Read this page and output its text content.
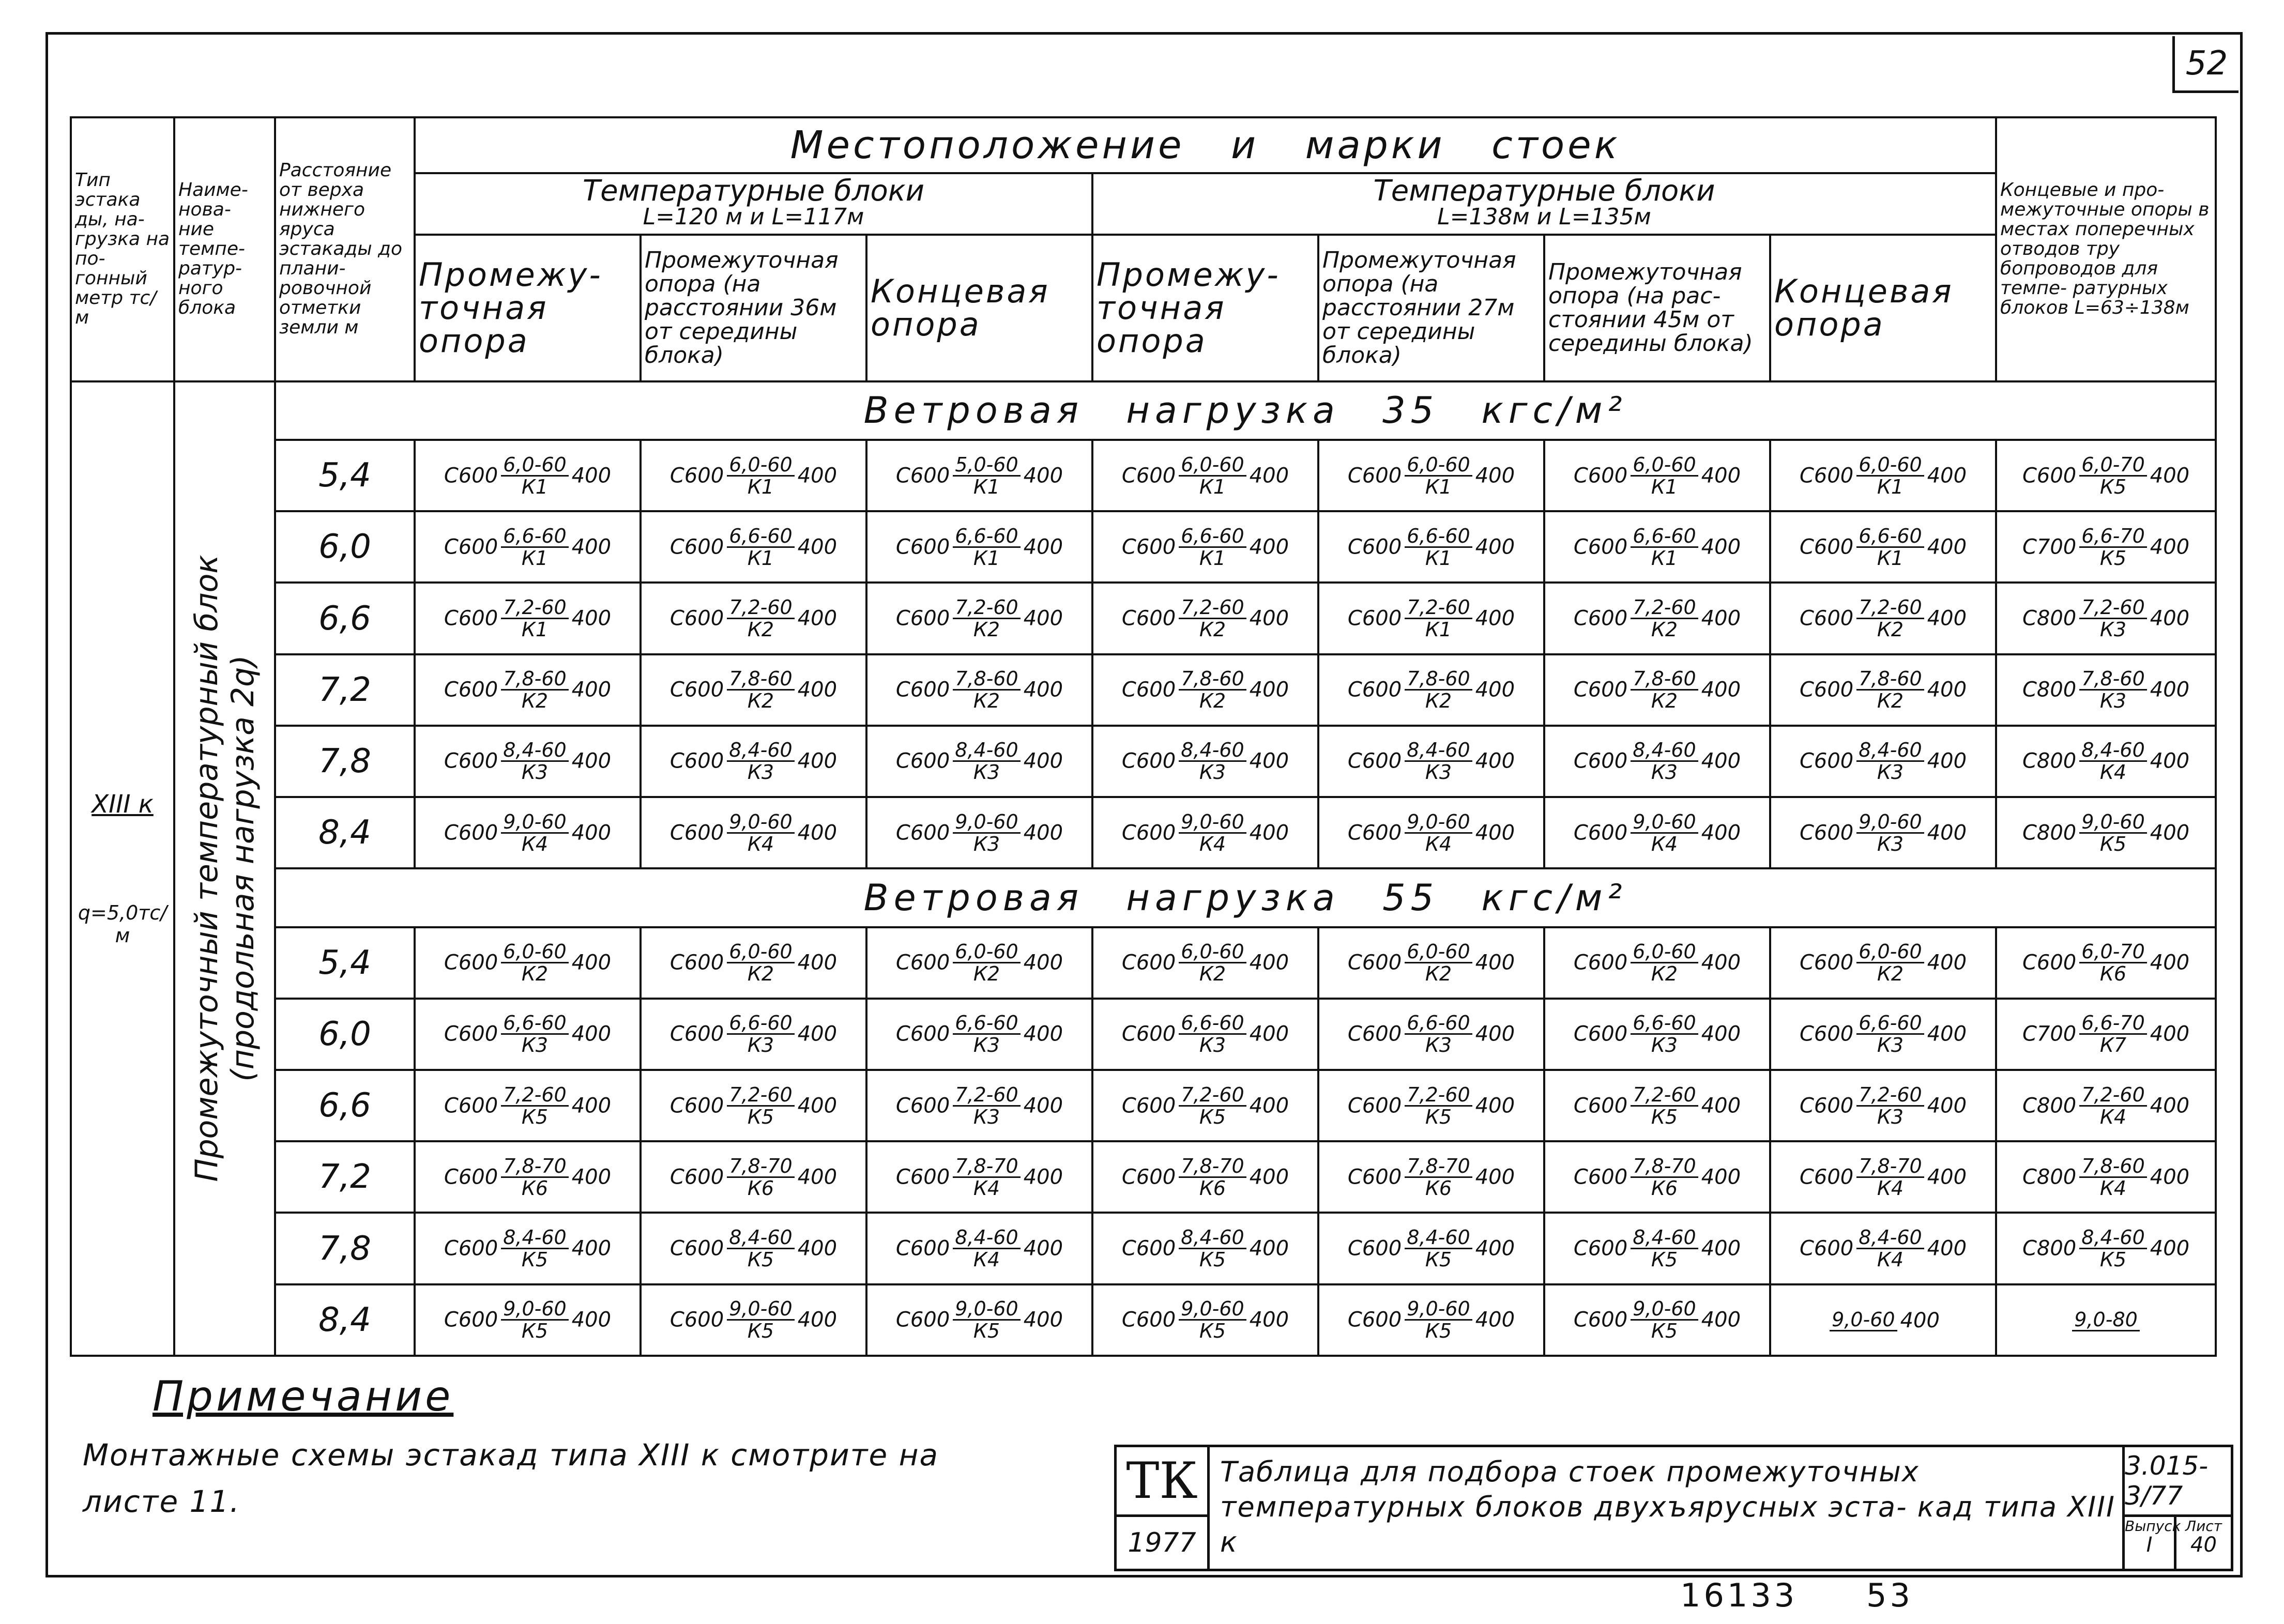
52
Тип эстака ды, на- грузка на по- гонный метр тс/м	Наиме- нова- ние темпе- ратур- ного блока	Расстояние от верха нижнего яруса эстакады до плани- ровочной отметки земли м	Местоположение и марки стоек							Концевые и про- межуточные опоры в местах поперечных отводов тру бопроводов для темпе- ратурных блоков L=63÷138м
			Температурные блоки
L=120 м и L=117м			Температурные блоки
L=138м и L=135м				

			Промежу- точная опора	Промежуточная опора (на расстоянии 36м от середины блока)	Концевая опора	Промежу- точная опора	Промежуточная опора (на расстоянии 27м от середины блока)	Промежуточная опора (на рас- стоянии 45м от середины блока)	Концевая опора	
XIII к
q=5,0тс/м	Промежуточный температурный блок (продольная нагрузка 2q)	Ветровая нагрузка 35 кгс/м²								
		5,4	$С600 \frac{6,0-60}{К1} 400$	$С600 \frac{6,0-60}{К1} 400$	$С600 \frac{5,0-60}{К1} 400$	$С600 \frac{6,0-60}{К1} 400$	$С600 \frac{6,0-60}{К1} 400$	$С600 \frac{6,0-60}{К1} 400$	$С600 \frac{6,0-60}{К1} 400$	$С600 \frac{6,0-70}{К5} 400$
		6,0	$С600 \frac{6,6-60}{К1} 400$	$С600 \frac{6,6-60}{К1} 400$	$С600 \frac{6,6-60}{К1} 400$	$С600 \frac{6,6-60}{К1} 400$	$С600 \frac{6,6-60}{К1} 400$	$С600 \frac{6,6-60}{К1} 400$	$С600 \frac{6,6-60}{К1} 400$	$С700 \frac{6,6-70}{К5} 400$
		6,6	$С600 \frac{7,2-60}{К1} 400$	$С600 \frac{7,2-60}{К2} 400$	$С600 \frac{7,2-60}{К2} 400$	$С600 \frac{7,2-60}{К2} 400$	$С600 \frac{7,2-60}{К1} 400$	$С600 \frac{7,2-60}{К2} 400$	$С600 \frac{7,2-60}{К2} 400$	$С800 \frac{7,2-60}{К3} 400$
		7,2	$С600 \frac{7,8-60}{К2} 400$	$С600 \frac{7,8-60}{К2} 400$	$С600 \frac{7,8-60}{К2} 400$	$С600 \frac{7,8-60}{К2} 400$	$С600 \frac{7,8-60}{К2} 400$	$С600 \frac{7,8-60}{К2} 400$	$С600 \frac{7,8-60}{К2} 400$	$С800 \frac{7,8-60}{К3} 400$
		7,8	$С600 \frac{8,4-60}{К3} 400$	$С600 \frac{8,4-60}{К3} 400$	$С600 \frac{8,4-60}{К3} 400$	$С600 \frac{8,4-60}{К3} 400$	$С600 \frac{8,4-60}{К3} 400$	$С600 \frac{8,4-60}{К3} 400$	$С600 \frac{8,4-60}{К3} 400$	$С800 \frac{8,4-60}{К4} 400$
		8,4	$С600 \frac{9,0-60}{К4} 400$	$С600 \frac{9,0-60}{К4} 400$	$С600 \frac{9,0-60}{К3} 400$	$С600 \frac{9,0-60}{К4} 400$	$С600 \frac{9,0-60}{К4} 400$	$С600 \frac{9,0-60}{К4} 400$	$С600 \frac{9,0-60}{К3} 400$	$С800 \frac{9,0-60}{К5} 400$
		Ветровая нагрузка 55 кгс/м²								
		5,4	$С600 \frac{6,0-60}{К2} 400$	$С600 \frac{6,0-60}{К2} 400$	$С600 \frac{6,0-60}{К2} 400$	$С600 \frac{6,0-60}{К2} 400$	$С600 \frac{6,0-60}{К2} 400$	$С600 \frac{6,0-60}{К2} 400$	$С600 \frac{6,0-60}{К2} 400$	$С600 \frac{6,0-70}{К6} 400$
		6,0	$С600 \frac{6,6-60}{К3} 400$	$С600 \frac{6,6-60}{К3} 400$	$С600 \frac{6,6-60}{К3} 400$	$С600 \frac{6,6-60}{К3} 400$	$С600 \frac{6,6-60}{К3} 400$	$С600 \frac{6,6-60}{К3} 400$	$С600 \frac{6,6-60}{К3} 400$	$С700 \frac{6,6-70}{К7} 400$
		6,6	$С600 \frac{7,2-60}{К5} 400$	$С600 \frac{7,2-60}{К5} 400$	$С600 \frac{7,2-60}{К3} 400$	$С600 \frac{7,2-60}{К5} 400$	$С600 \frac{7,2-60}{К5} 400$	$С600 \frac{7,2-60}{К5} 400$	$С600 \frac{7,2-60}{К3} 400$	$С800 \frac{7,2-60}{К4} 400$
		7,2	$С600 \frac{7,8-70}{К6} 400$	$С600 \frac{7,8-70}{К6} 400$	$С600 \frac{7,8-70}{К4} 400$	$С600 \frac{7,8-70}{К6} 400$	$С600 \frac{7,8-70}{К6} 400$	$С600 \frac{7,8-70}{К6} 400$	$С600 \frac{7,8-70}{К4} 400$	$С800 \frac{7,8-60}{К4} 400$
		7,8	$С600 \frac{8,4-60}{К5} 400$	$С600 \frac{8,4-60}{К5} 400$	$С600 \frac{8,4-60}{К4} 400$	$С600 \frac{8,4-60}{К5} 400$	$С600 \frac{8,4-60}{К5} 400$	$С600 \frac{8,4-60}{К5} 400$	$С600 \frac{8,4-60}{К4} 400$	$С800 \frac{8,4-60}{К5} 400$
		8,4	$С600 \frac{9,0-60}{К5} 400$	$С600 \frac{9,0-60}{К5} 400$	$С600 \frac{9,0-60}{К5} 400$	$С600 \frac{9,0-60}{К5} 400$	$С600 \frac{9,0-60}{К5} 400$	$С600 \frac{9,0-60}{К5} 400$	9,0-60 400	9,0-80
Примечание
Монтажные схемы эстакад типа XIII к смотрите на листе 11.	ТК
1977
Таблица для подбора стоек промежуточных температурных блоков двухъярусных эста- кад типа XIII к
3.015-3/77
Выпуск
I
Лист
40
16133 53
